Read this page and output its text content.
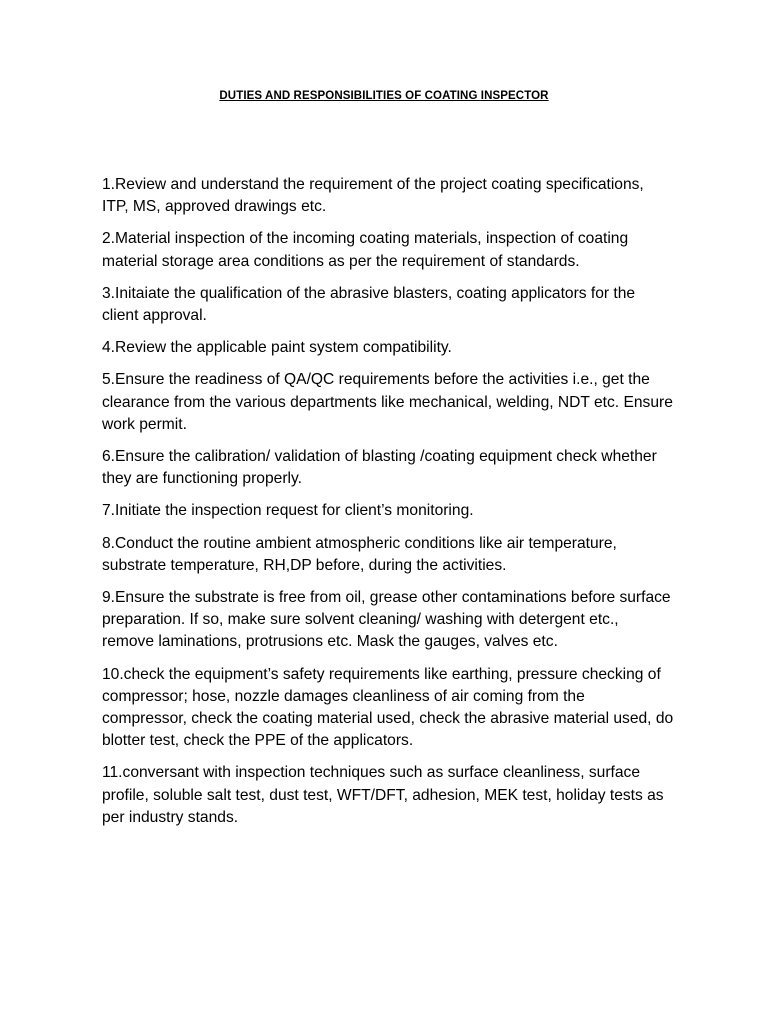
DUTIES AND RESPONSIBILITIES OF COATING INSPECTOR
1.Review and understand the requirement of the project coating specifications, ITP, MS, approved drawings etc.
2.Material inspection of the incoming coating materials, inspection of coating material storage area conditions as per the requirement of standards.
3.Initaiate the qualification of the abrasive blasters, coating applicators for the client approval.
4.Review the applicable paint system compatibility.
5.Ensure the readiness of QA/QC requirements before the activities i.e., get the clearance from the various departments like mechanical, welding, NDT etc. Ensure work permit.
6.Ensure the calibration/ validation of blasting /coating equipment check whether they are functioning properly.
7.Initiate the inspection request for client’s monitoring.
8.Conduct the routine ambient atmospheric conditions like air temperature, substrate temperature, RH,DP before, during the activities.
9.Ensure the substrate is free from oil, grease other contaminations before surface preparation. If so, make sure solvent cleaning/ washing with detergent etc., remove laminations, protrusions etc. Mask the gauges, valves etc.
10.check the equipment’s safety requirements like earthing, pressure checking of compressor; hose, nozzle damages cleanliness of air coming from the compressor, check the coating material used, check the abrasive material used, do blotter test, check the PPE of the applicators.
11.conversant with inspection techniques such as surface cleanliness, surface profile, soluble salt test, dust test, WFT/DFT, adhesion, MEK test, holiday tests as per industry stands.
